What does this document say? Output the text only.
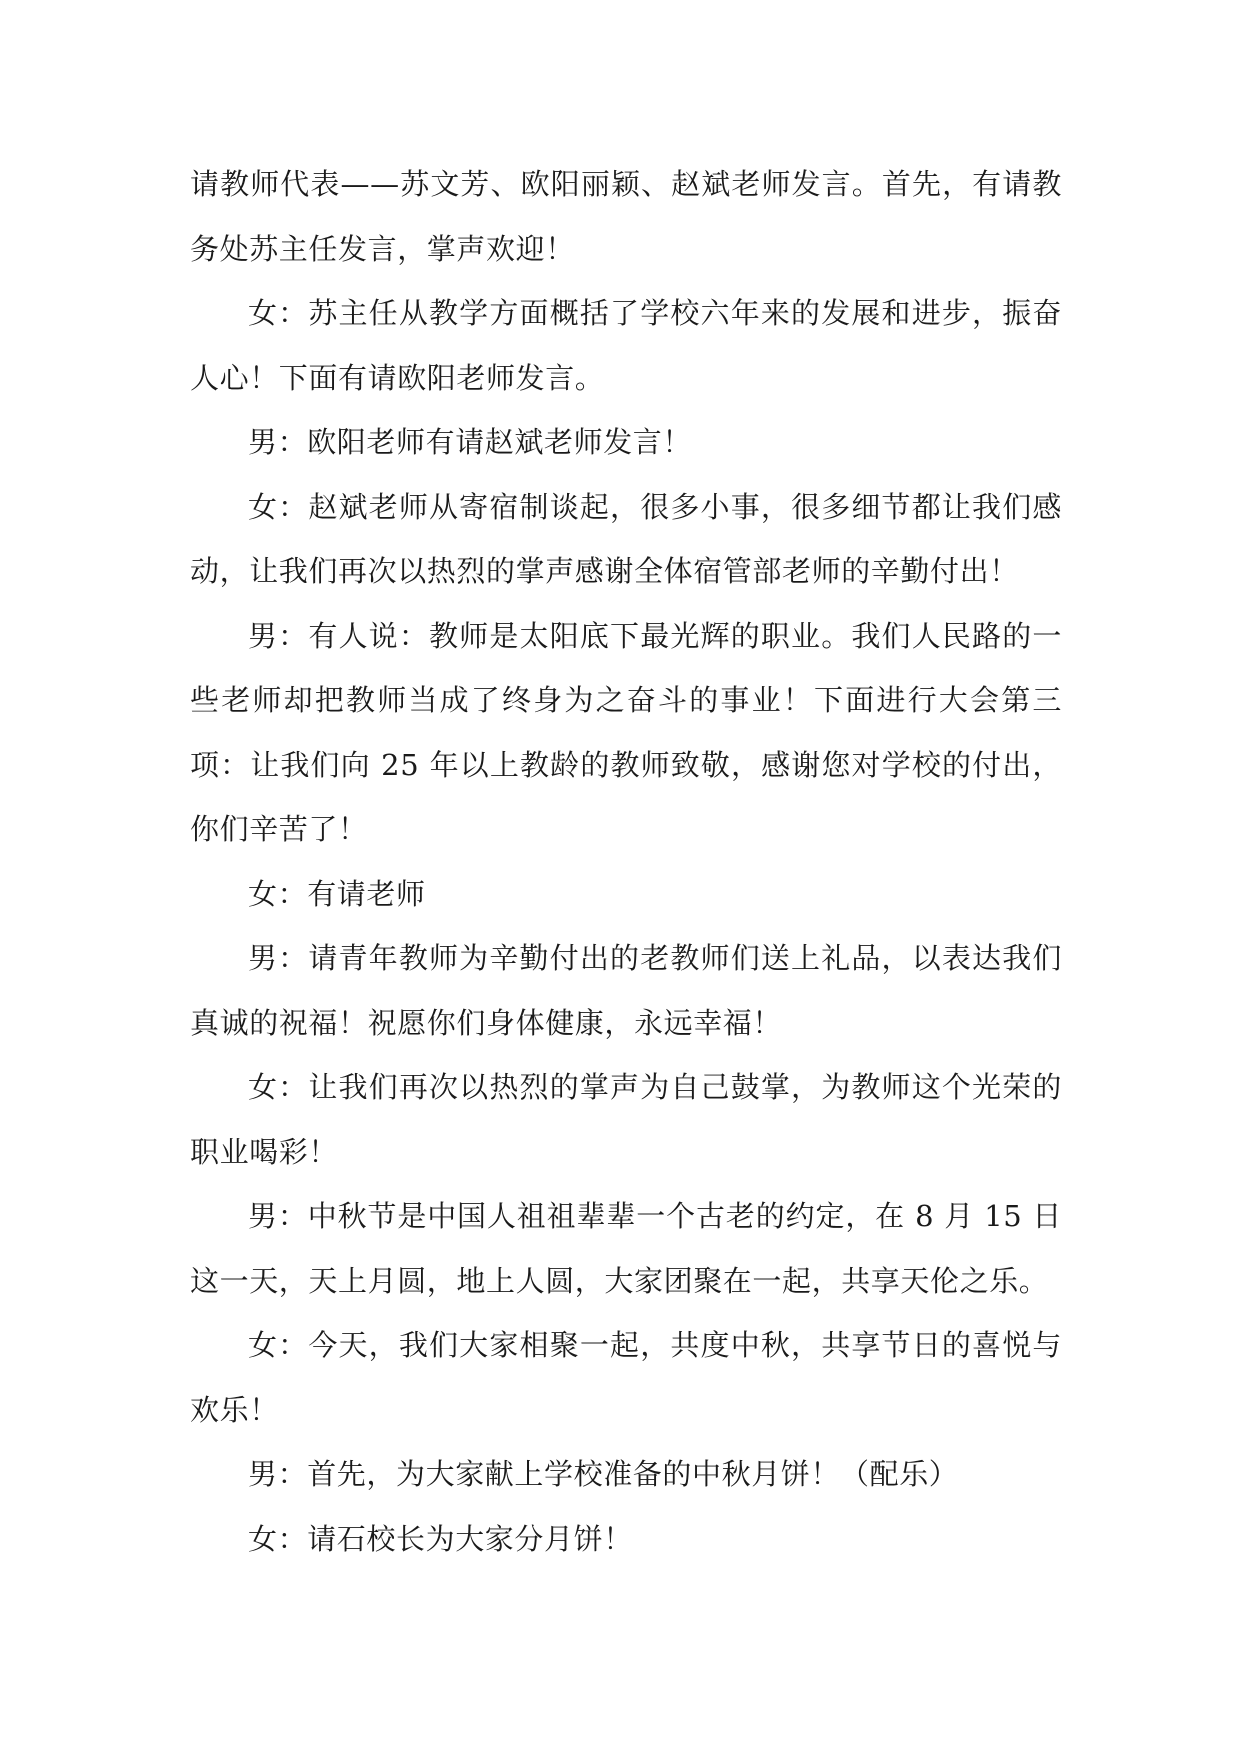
请教师代表——苏文芳、欧阳丽颖、赵斌老师发言。首先，有请教务处苏主任发言，掌声欢迎！

女：苏主任从教学方面概括了学校六年来的发展和进步，振奋人心！下面有请欧阳老师发言。

男：欧阳老师有请赵斌老师发言！

女：赵斌老师从寄宿制谈起，很多小事，很多细节都让我们感动，让我们再次以热烈的掌声感谢全体宿管部老师的辛勤付出！

男：有人说：教师是太阳底下最光辉的职业。我们人民路的一些老师却把教师当成了终身为之奋斗的事业！下面进行大会第三项：让我们向 25 年以上教龄的教师致敬，感谢您对学校的付出，你们辛苦了！

女：有请老师

男：请青年教师为辛勤付出的老教师们送上礼品，以表达我们真诚的祝福！祝愿你们身体健康，永远幸福！

女：让我们再次以热烈的掌声为自己鼓掌，为教师这个光荣的职业喝彩！

男：中秋节是中国人祖祖辈辈一个古老的约定，在 8 月 15 日这一天，天上月圆，地上人圆，大家团聚在一起，共享天伦之乐。

女：今天，我们大家相聚一起，共度中秋，共享节日的喜悦与欢乐！

男：首先，为大家献上学校准备的中秋月饼！（配乐）

女：请石校长为大家分月饼！
